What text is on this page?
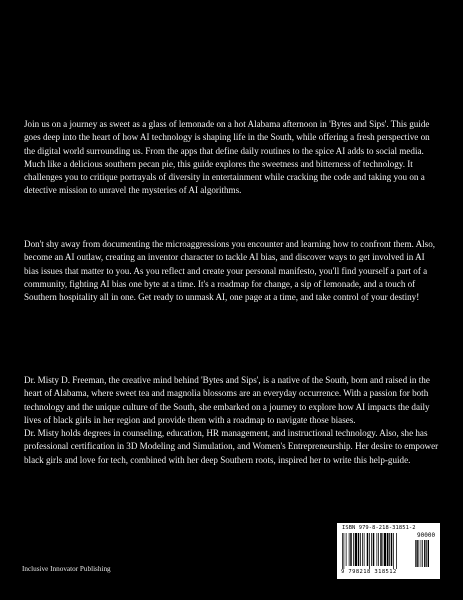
Join us on a journey as sweet as a glass of lemonade on a hot Alabama afternoon in 'Bytes and Sips'. This guide goes deep into the heart of how AI technology is shaping life in the South, while offering a fresh perspective on the digital world surrounding us. From the apps that define daily routines to the spice AI adds to social media. Much like a delicious southern pecan pie, this guide explores the sweetness and bitterness of technology. It challenges you to critique portrayals of diversity in entertainment while cracking the code and taking you on a detective mission to unravel the mysteries of AI algorithms.

Don't shy away from documenting the microaggressions you encounter and learning how to confront them. Also, become an AI outlaw, creating an inventor character to tackle AI bias, and discover ways to get involved in AI bias issues that matter to you. As you reflect and create your personal manifesto, you'll find yourself a part of a community, fighting AI bias one byte at a time. It's a roadmap for change, a sip of lemonade, and a touch of Southern hospitality all in one. Get ready to unmask AI, one page at a time, and take control of your destiny!

Dr. Misty D. Freeman, the creative mind behind 'Bytes and Sips', is a native of the South, born and raised in the heart of Alabama, where sweet tea and magnolia blossoms are an everyday occurrence. With a passion for both technology and the unique culture of the South, she embarked on a journey to explore how AI impacts the daily lives of black girls in her region and provide them with a roadmap to navigate those biases.

Dr. Misty holds degrees in counseling, education, HR management, and instructional technology. Also, she has professional certification in 3D Modeling and Simulation, and Women's Entrepreneurship. Her desire to empower black girls and love for tech, combined with her deep Southern roots, inspired her to write this help-guide.

ISBN 979-8-218-31851-2
90000
9 798218 318512
Inclusive Innovator Publishing
